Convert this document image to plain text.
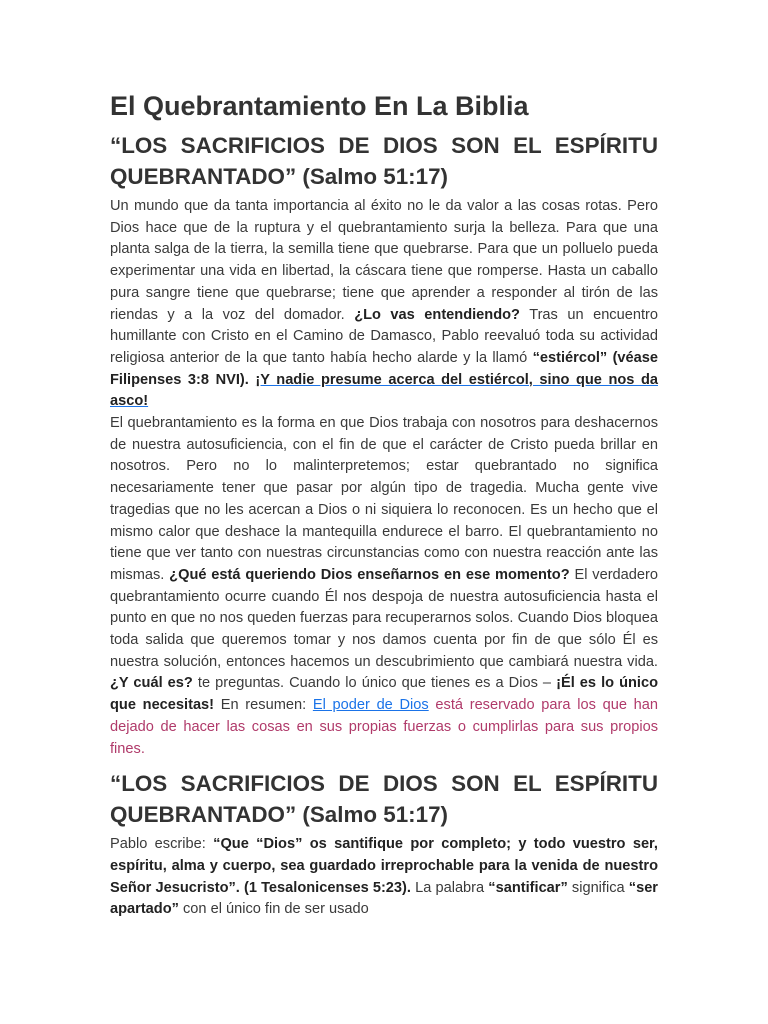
El Quebrantamiento En La Biblia
“LOS SACRIFICIOS DE DIOS SON EL ESPÍRITU QUEBRANTADO” (Salmo 51:17)

Un mundo que da tanta importancia al éxito no le da valor a las cosas rotas. Pero Dios hace que de la ruptura y el quebrantamiento surja la belleza. Para que una planta salga de la tierra, la semilla tiene que quebrarse. Para que un polluelo pueda experimentar una vida en libertad, la cáscara tiene que romperse. Hasta un caballo pura sangre tiene que quebrarse; tiene que aprender a responder al tirón de las riendas y a la voz del domador. ¿Lo vas entendiendo? Tras un encuentro humillante con Cristo en el Camino de Damasco, Pablo reevaluó toda su actividad religiosa anterior de la que tanto había hecho alarde y la llamó “estiércol” (véase Filipenses 3:8 NVI). ¡Y nadie presume acerca del estiércol, sino que nos da asco!

El quebrantamiento es la forma en que Dios trabaja con nosotros para deshacernos de nuestra autosuficiencia, con el fin de que el carácter de Cristo pueda brillar en nosotros. Pero no lo malinterpretemos; estar quebrantado no significa necesariamente tener que pasar por algún tipo de tragedia. Mucha gente vive tragedias que no les acercan a Dios o ni siquiera lo reconocen. Es un hecho que el mismo calor que deshace la mantequilla endurece el barro. El quebrantamiento no tiene que ver tanto con nuestras circunstancias como con nuestra reacción ante las mismas. ¿Qué está queriendo Dios enseñarnos en ese momento? El verdadero quebrantamiento ocurre cuando Él nos despoja de nuestra autosuficiencia hasta el punto en que no nos queden fuerzas para recuperarnos solos. Cuando Dios bloquea toda salida que queremos tomar y nos damos cuenta por fin de que sólo Él es nuestra solución, entonces hacemos un descubrimiento que cambiará nuestra vida. ¿Y cuál es? te preguntas. Cuando lo único que tienes es a Dios – ¡Él es lo único que necesitas! En resumen: El poder de Dios está reservado para los que han dejado de hacer las cosas en sus propias fuerzas o cumplirlas para sus propios fines.

“LOS SACRIFICIOS DE DIOS SON EL ESPÍRITU QUEBRANTADO” (Salmo 51:17)

Pablo escribe: “Que “Dios” os santifique por completo; y todo vuestro ser, espíritu, alma y cuerpo, sea guardado irreprochable para la venida de nuestro Señor Jesucristo”. (1 Tesalonicenses 5:23). La palabra “santificar” significa “ser apartado” con el único fin de ser usado
